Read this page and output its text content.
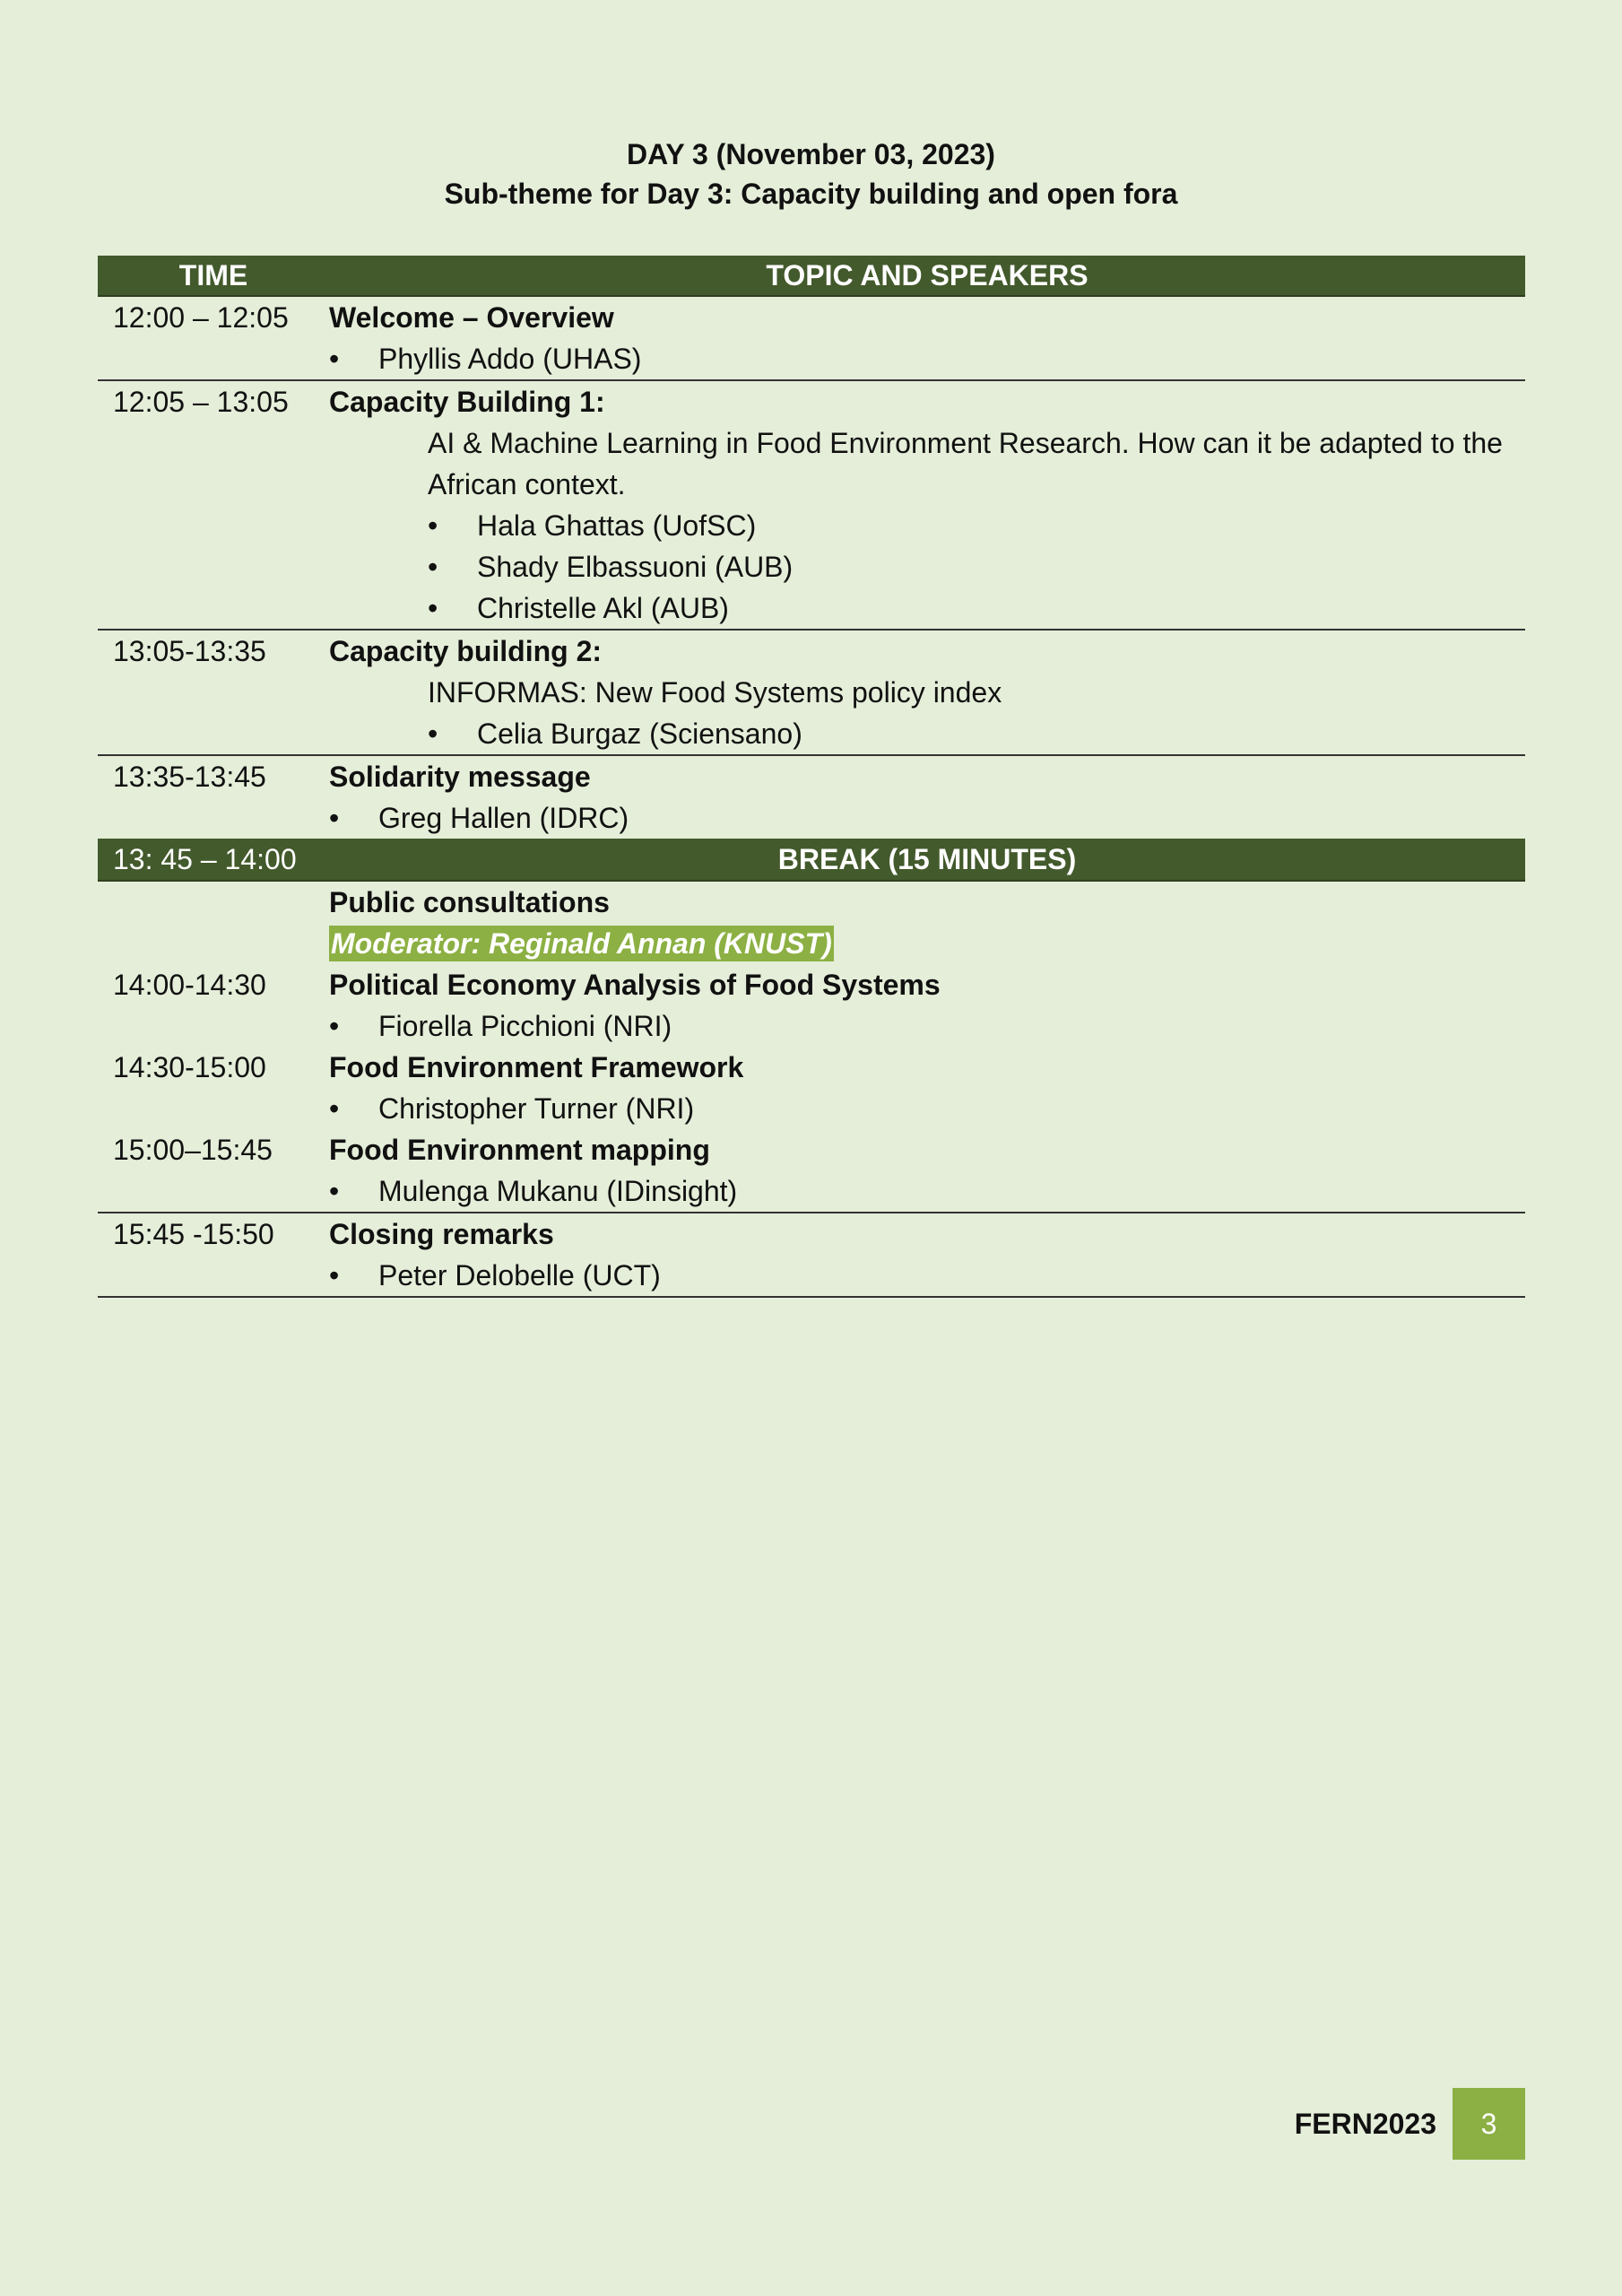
DAY 3 (November 03, 2023)
Sub-theme for Day 3: Capacity building and open fora
TIME	TOPIC AND SPEAKERS
12:00 – 12:05	Welcome – Overview
• Phyllis Addo (UHAS)
12:05 – 13:05	Capacity Building 1:
AI & Machine Learning in Food Environment Research. How can it be adapted to the African context.
• Hala Ghattas (UofSC)
• Shady Elbassuoni (AUB)
• Christelle Akl (AUB)
13:05-13:35	Capacity building 2:
INFORMAS: New Food Systems policy index
• Celia Burgaz (Sciensano)
13:35-13:45	Solidarity message
• Greg Hallen (IDRC)
13: 45 – 14:00	BREAK (15 MINUTES)
Public consultations
Moderator: Reginald Annan (KNUST)
14:00-14:30	Political Economy Analysis of Food Systems
• Fiorella Picchioni (NRI)
14:30-15:00	Food Environment Framework
• Christopher Turner (NRI)
15:00–15:45	Food Environment mapping
• Mulenga Mukanu (IDinsight)
15:45 -15:50	Closing remarks
• Peter Delobelle (UCT)
FERN2023	3
